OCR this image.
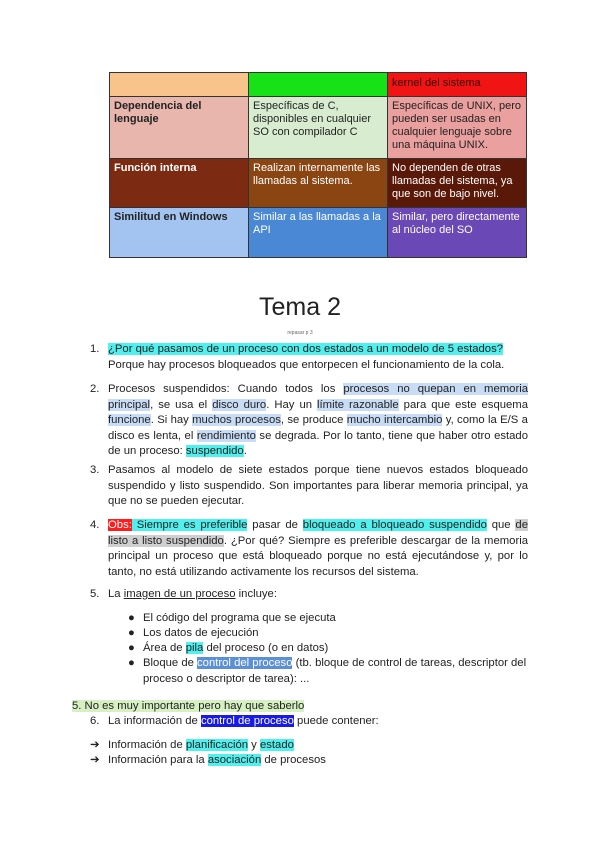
		kernel del sistema
Dependencia del lenguaje	Específicas de C, disponibles en cualquier SO con compilador C	Específicas de UNIX, pero pueden ser usadas en cualquier lenguaje sobre una máquina UNIX.
Función interna	Realizan internamente las llamadas al sistema.	No dependen de otras llamadas del sistema, ya que son de bajo nivel.
Similitud en Windows	Similar a las llamadas a la API	Similar, pero directamente al núcleo del SO
Tema 2
repasar p 3
1. ¿Por qué pasamos de un proceso con dos estados a un modelo de 5 estados?
Porque hay procesos bloqueados que entorpecen el funcionamiento de la cola.
2. Procesos suspendidos: Cuando todos los procesos no quepan en memoria principal, se usa el disco duro. Hay un límite razonable para que este esquema funcione. Si hay muchos procesos, se produce mucho intercambio y, como la E/S a disco es lenta, el rendimiento se degrada. Por lo tanto, tiene que haber otro estado de un proceso: suspendido.
3. Pasamos al modelo de siete estados porque tiene nuevos estados bloqueado suspendido y listo suspendido. Son importantes para liberar memoria principal, ya que no se pueden ejecutar.
4. Obs: Siempre es preferible pasar de bloqueado a bloqueado suspendido que de listo a listo suspendido. ¿Por qué? Siempre es preferible descargar de la memoria principal un proceso que está bloqueado porque no está ejecutándose y, por lo tanto, no está utilizando activamente los recursos del sistema.
5. La imagen de un proceso incluye:
● El código del programa que se ejecuta
● Los datos de ejecución
● Área de pila del proceso (o en datos)
● Bloque de control del proceso (tb. bloque de control de tareas, descriptor del proceso o descriptor de tarea): ...
5. No es muy importante pero hay que saberlo
6. La información de control de proceso puede contener:
➔ Información de planificación y estado
➔ Información para la asociación de procesos
